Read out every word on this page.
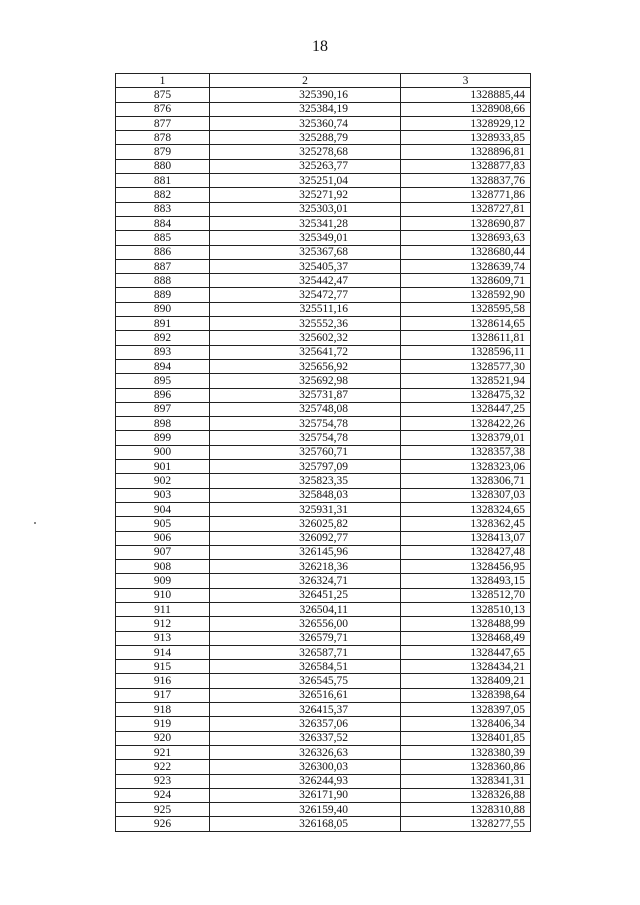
18
1	2	3
875	325390,16	1328885,44
876	325384,19	1328908,66
877	325360,74	1328929,12
878	325288,79	1328933,85
879	325278,68	1328896,81
880	325263,77	1328877,83
881	325251,04	1328837,76
882	325271,92	1328771,86
883	325303,01	1328727,81
884	325341,28	1328690,87
885	325349,01	1328693,63
886	325367,68	1328680,44
887	325405,37	1328639,74
888	325442,47	1328609,71
889	325472,77	1328592,90
890	325511,16	1328595,58
891	325552,36	1328614,65
892	325602,32	1328611,81
893	325641,72	1328596,11
894	325656,92	1328577,30
895	325692,98	1328521,94
896	325731,87	1328475,32
897	325748,08	1328447,25
898	325754,78	1328422,26
899	325754,78	1328379,01
900	325760,71	1328357,38
901	325797,09	1328323,06
902	325823,35	1328306,71
903	325848,03	1328307,03
904	325931,31	1328324,65
905	326025,82	1328362,45
906	326092,77	1328413,07
907	326145,96	1328427,48
908	326218,36	1328456,95
909	326324,71	1328493,15
910	326451,25	1328512,70
911	326504,11	1328510,13
912	326556,00	1328488,99
913	326579,71	1328468,49
914	326587,71	1328447,65
915	326584,51	1328434,21
916	326545,75	1328409,21
917	326516,61	1328398,64
918	326415,37	1328397,05
919	326357,06	1328406,34
920	326337,52	1328401,85
921	326326,63	1328380,39
922	326300,03	1328360,86
923	326244,93	1328341,31
924	326171,90	1328326,88
925	326159,40	1328310,88
926	326168,05	1328277,55
